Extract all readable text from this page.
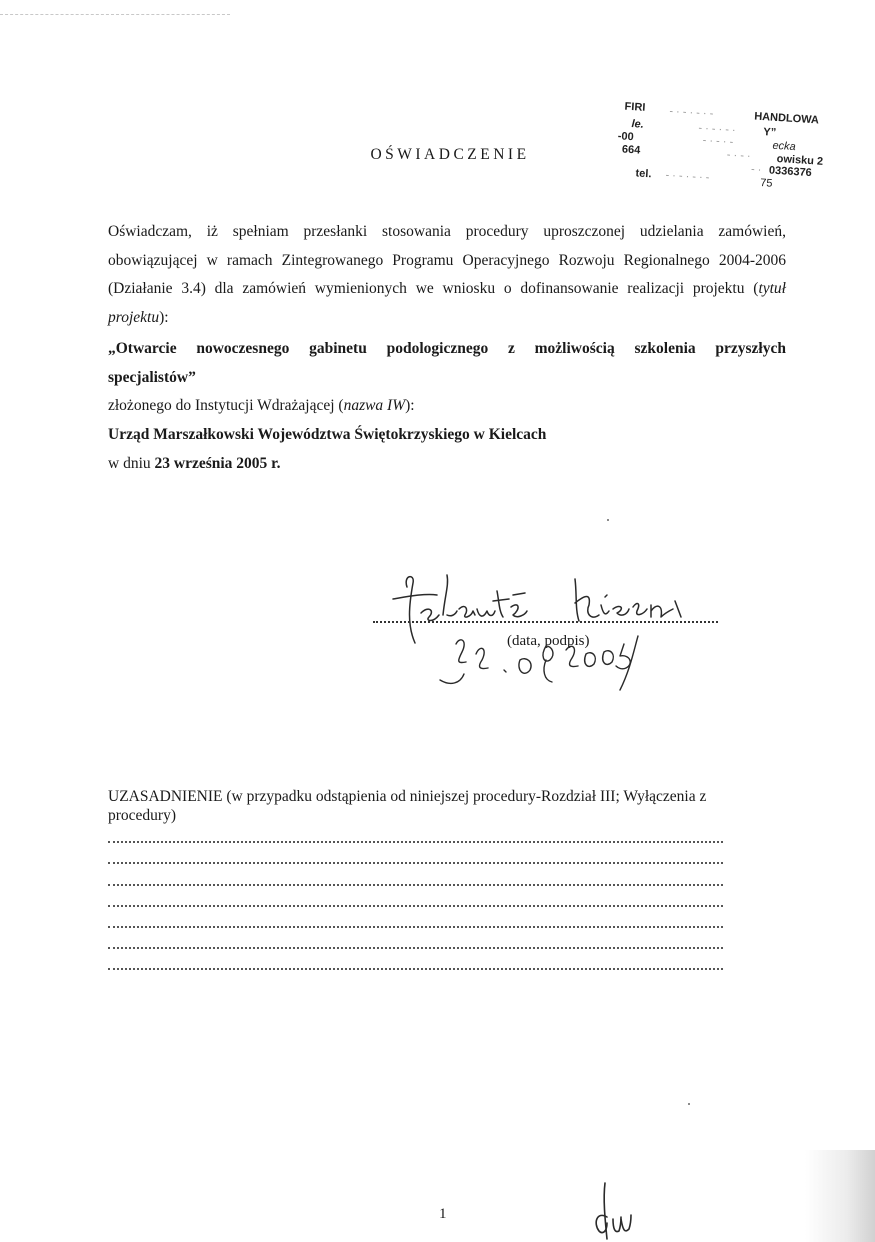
FIRI - · - · - · -	HANDLOWA
le.	- · - · - · Y”
-00	- · - · -	ecka
664	- · - · owisku 2
- · 0336376
tel. - · - · - · -	75
OŚWIADCZENIE

Oświadczam, iż spełniam przesłanki stosowania procedury uproszczonej udzielania zamówień,

obowiązującej w ramach Zintegrowanego Programu Operacyjnego Rozwoju Regionalnego 2004-2006

(Działanie 3.4) dla zamówień wymienionych we wniosku o dofinansowanie realizacji projektu (tytuł

projektu):

„Otwarcie nowoczesnego gabinetu podologicznego z możliwością szkolenia przyszłych

specjalistów”

złożonego do Instytucji Wdrażającej (nazwa IW):

Urząd Marszałkowski Województwa Świętokrzyskiego w Kielcach

w dniu 23 września 2005 r.

(data, podpis)
UZASADNIENIE (w przypadku odstąpienia od niniejszej procedury-Rozdział III; Wyłączenia z procedury)
1
